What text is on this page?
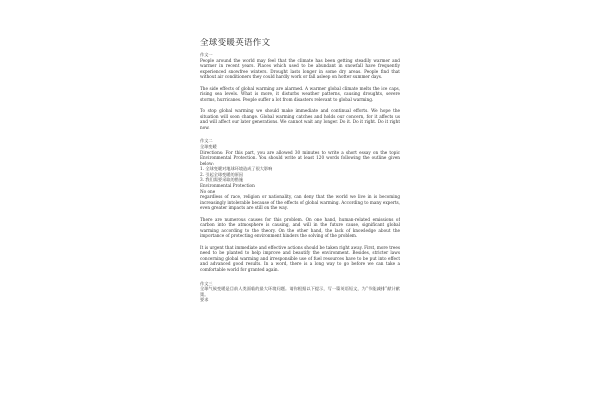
全球变暖英语作文

作文一

People around the world may feel that the climate has been getting steadily warmer and warmer in recent years. Places which used to be abundant in snowfall have frequently experienced snowfree winters. Drought lasts longer in some dry areas. People find that without air conditioners they could hardly work or fall asleep on hotter summer days.

The side effects of global warming are alarmed. A warmer global climate melts the ice caps, rising sea levels. What is more, it disturbs weather patterns, causing droughts, severe storms, hurricanes. People suffer a lot from disasters relevant to global warming.

To stop global warming we should make immediate and continual efforts. We hope the situation will soon change. Global warming catches and holds our concern, for it affects us and will affect our later generations. We cannot wait any longer. Do it. Do it right. Do it right now.

作文二

全球变暖

Directions: For this part, you are allowed 30 minutes to write a short essay on the topic Environmental Protection. You should write at least 120 words following the outline given below:

1. 全球变暖对地球环境造成了很大影响

2. 引起全球变暖的原因

3. 我们需要采取的措施

Environmental Protection

No one

regardless of race, religion or nationality, can deny that the world we live in is becoming increasingly intolerable because of the effects of global warming. According to many experts, even greater impacts are still on the way.

There are numerous causes for this problem. On one hand, human-related emissions of carbon into the atmosphere is causing, and will in the future cause, significant global warming according to the theory. On the other hand, the lack of knowledge about the importance of protecting environment hinders the solving of the problem.

It is urgent that immediate and effective actions should be taken right away. First, more trees need to be planted to help improve and beautify the environment. Besides, stricter laws concerning global warming and irresponsible use of fuel resources have to be put into effect and advanced good results. In a word, there is a long way to go before we can take a comfortable world for granted again.

作文三

全球气候变暖是目前人类面临的最大环境问题。请你根据以下提示，写一篇英语短文，为“节能减排”献计献策。

要求
